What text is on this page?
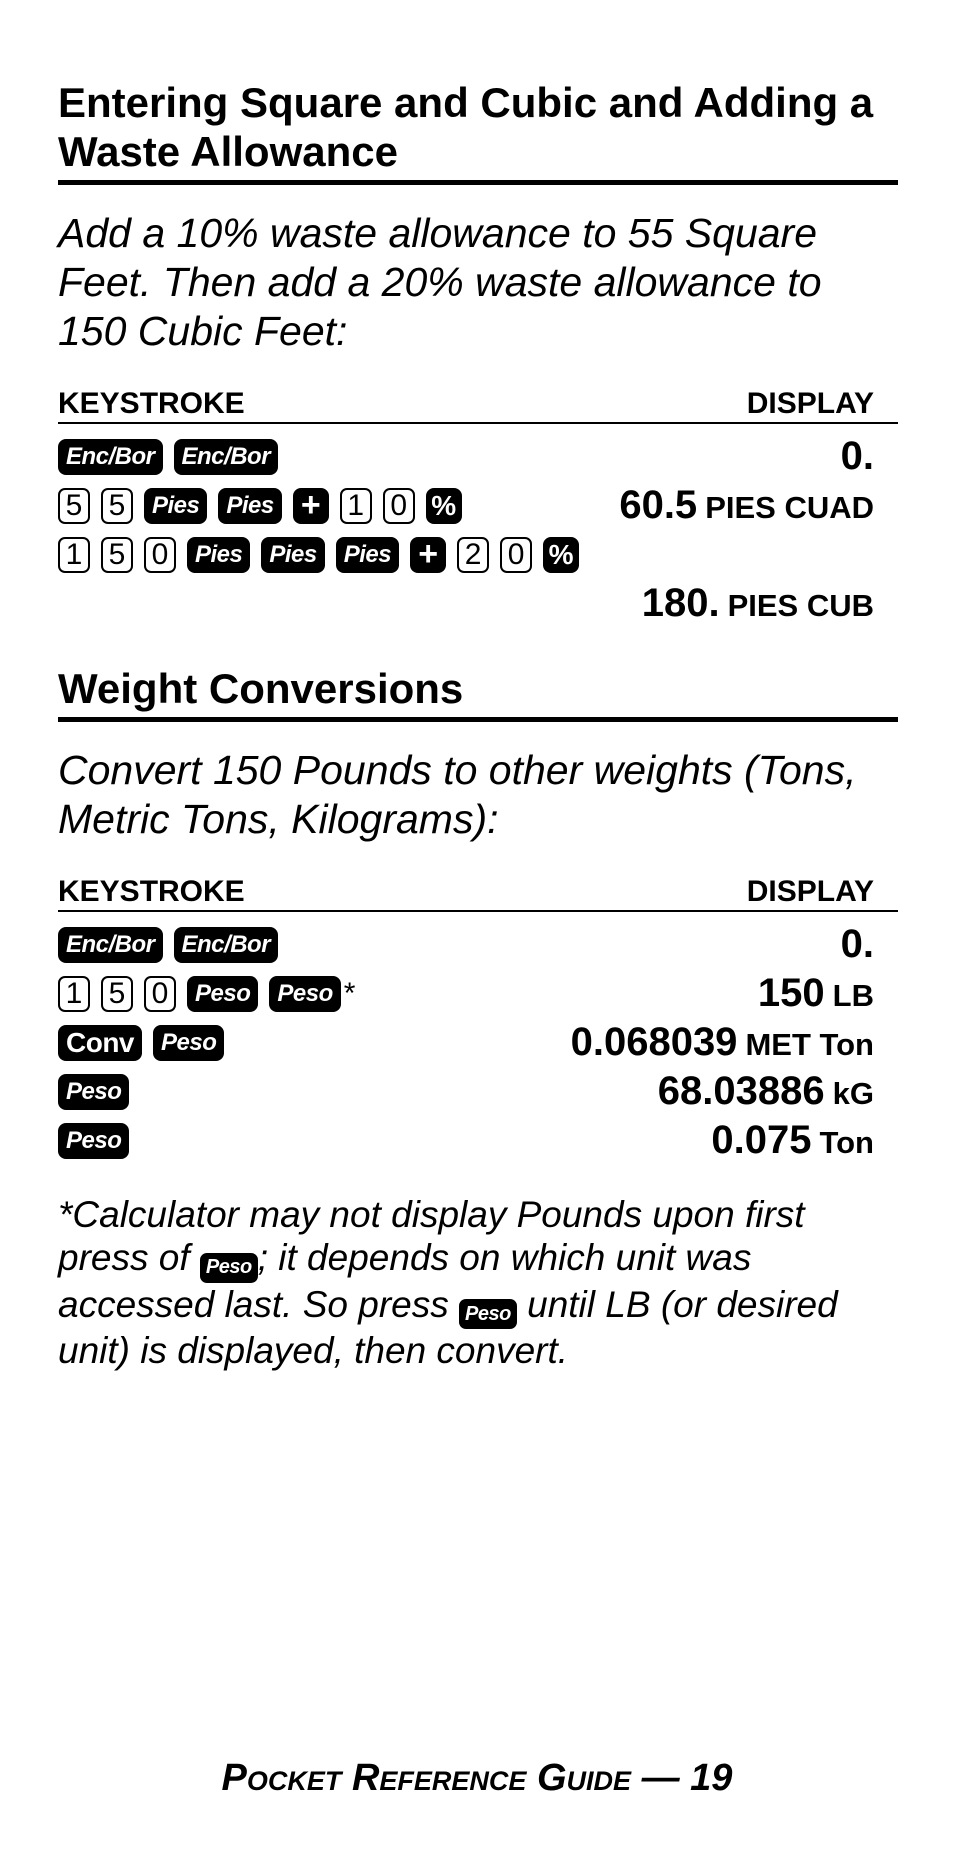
Entering Square and Cubic and Adding a Waste Allowance

Add a 10% waste allowance to 55 Square Feet. Then add a 20% waste allowance to 150 Cubic Feet:

KEYSTROKE	DISPLAY
Enc/Bor	Enc/Bor	0.
5 5	Pies	Pies + 1 0 %	60.5 PIES CUAD
1 5 0	Pies	Pies	Pies + 2 0 %
180. PIES CUB
Weight Conversions

Convert 150 Pounds to other weights (Tons, Metric Tons, Kilograms):

KEYSTROKE	DISPLAY
Enc/Bor	Enc/Bor	0.
1 5 0	Peso	Peso *	150 LB
Conv	Peso	0.068039 MET Ton
Peso	68.03886 kG
Peso	0.075 Ton

*Calculator may not display Pounds upon first press of Peso ; it depends on which unit was accessed last. So press Peso until LB (or desired unit) is displayed, then convert.

Pocket Reference Guide — 19
